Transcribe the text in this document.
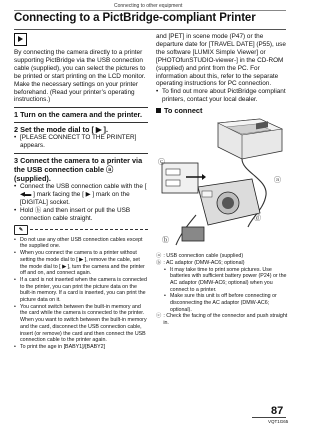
Connecting to other equipment
Connecting to a PictBridge-compliant Printer

By connecting the camera directly to a printer supporting PictBridge via the USB connection cable (supplied), you can select the pictures to be printed or start printing on the LCD monitor. Make the necessary settings on your printer beforehand. (Read your printer’s operating instructions.)

1 Turn on the camera and the printer.

2 Set the mode dial to [ ▶ ].

• [PLEASE CONNECT TO THE PRINTER] appears.

3 Connect the camera to a printer via the USB connection cable ⓐ (supplied).

• Connect the USB connection cable with the [ ◀▬ ] mark facing the [ ▶ ] mark on the [DIGITAL] socket.

• Hold ⓑ and then insert or pull the USB connection cable straight.

✎

• Do not use any other USB connection cables except the supplied one.

• When you connect the camera to a printer without setting the mode dial to [ ▶ ], remove the cable, set the mode dial to [ ▶ ], turn the camera and the printer off and on, and connect again.

• If a card is not inserted when the camera is connected to the printer, you can print the picture data on the built-in memory. If a card is inserted, you can print the picture data on it.

• You cannot switch between the built-in memory and the card while the camera is connected to the printer. When you want to switch between the built-in memory and the card, disconnect the USB connection cable, insert (or remove) the card and then connect the USB connection cable to the printer again.

• To print the age in [BABY1]/[BABY2]

and [PET] in scene mode (P47) or the departure date for [TRAVEL DATE] (P55), use the software [LUMIX Simple Viewer] or [PHOTOfunSTUDIO-viewer-] in the CD-ROM (supplied) and print from the PC. For information about this, refer to the separate operating instructions for PC connection.

• To find out more about PictBridge compliant printers, contact your local dealer.

To connect
ⓐ
ⓑ
ⓒ
ⓓ
ⓐ : USB connection cable (supplied)
ⓑ : AC adaptor (DMW-AC6; optional)

• It may take time to print some pictures. Use batteries with sufficient battery power (P24) or the AC adaptor (DMW-AC6; optional) when you connect to a printer.

• Make sure this unit is off before connecting or disconnecting the AC adaptor (DMW-AC6; optional).

ⓒ : Check the facing of the connector and push straight in.
87
VQT1G65
